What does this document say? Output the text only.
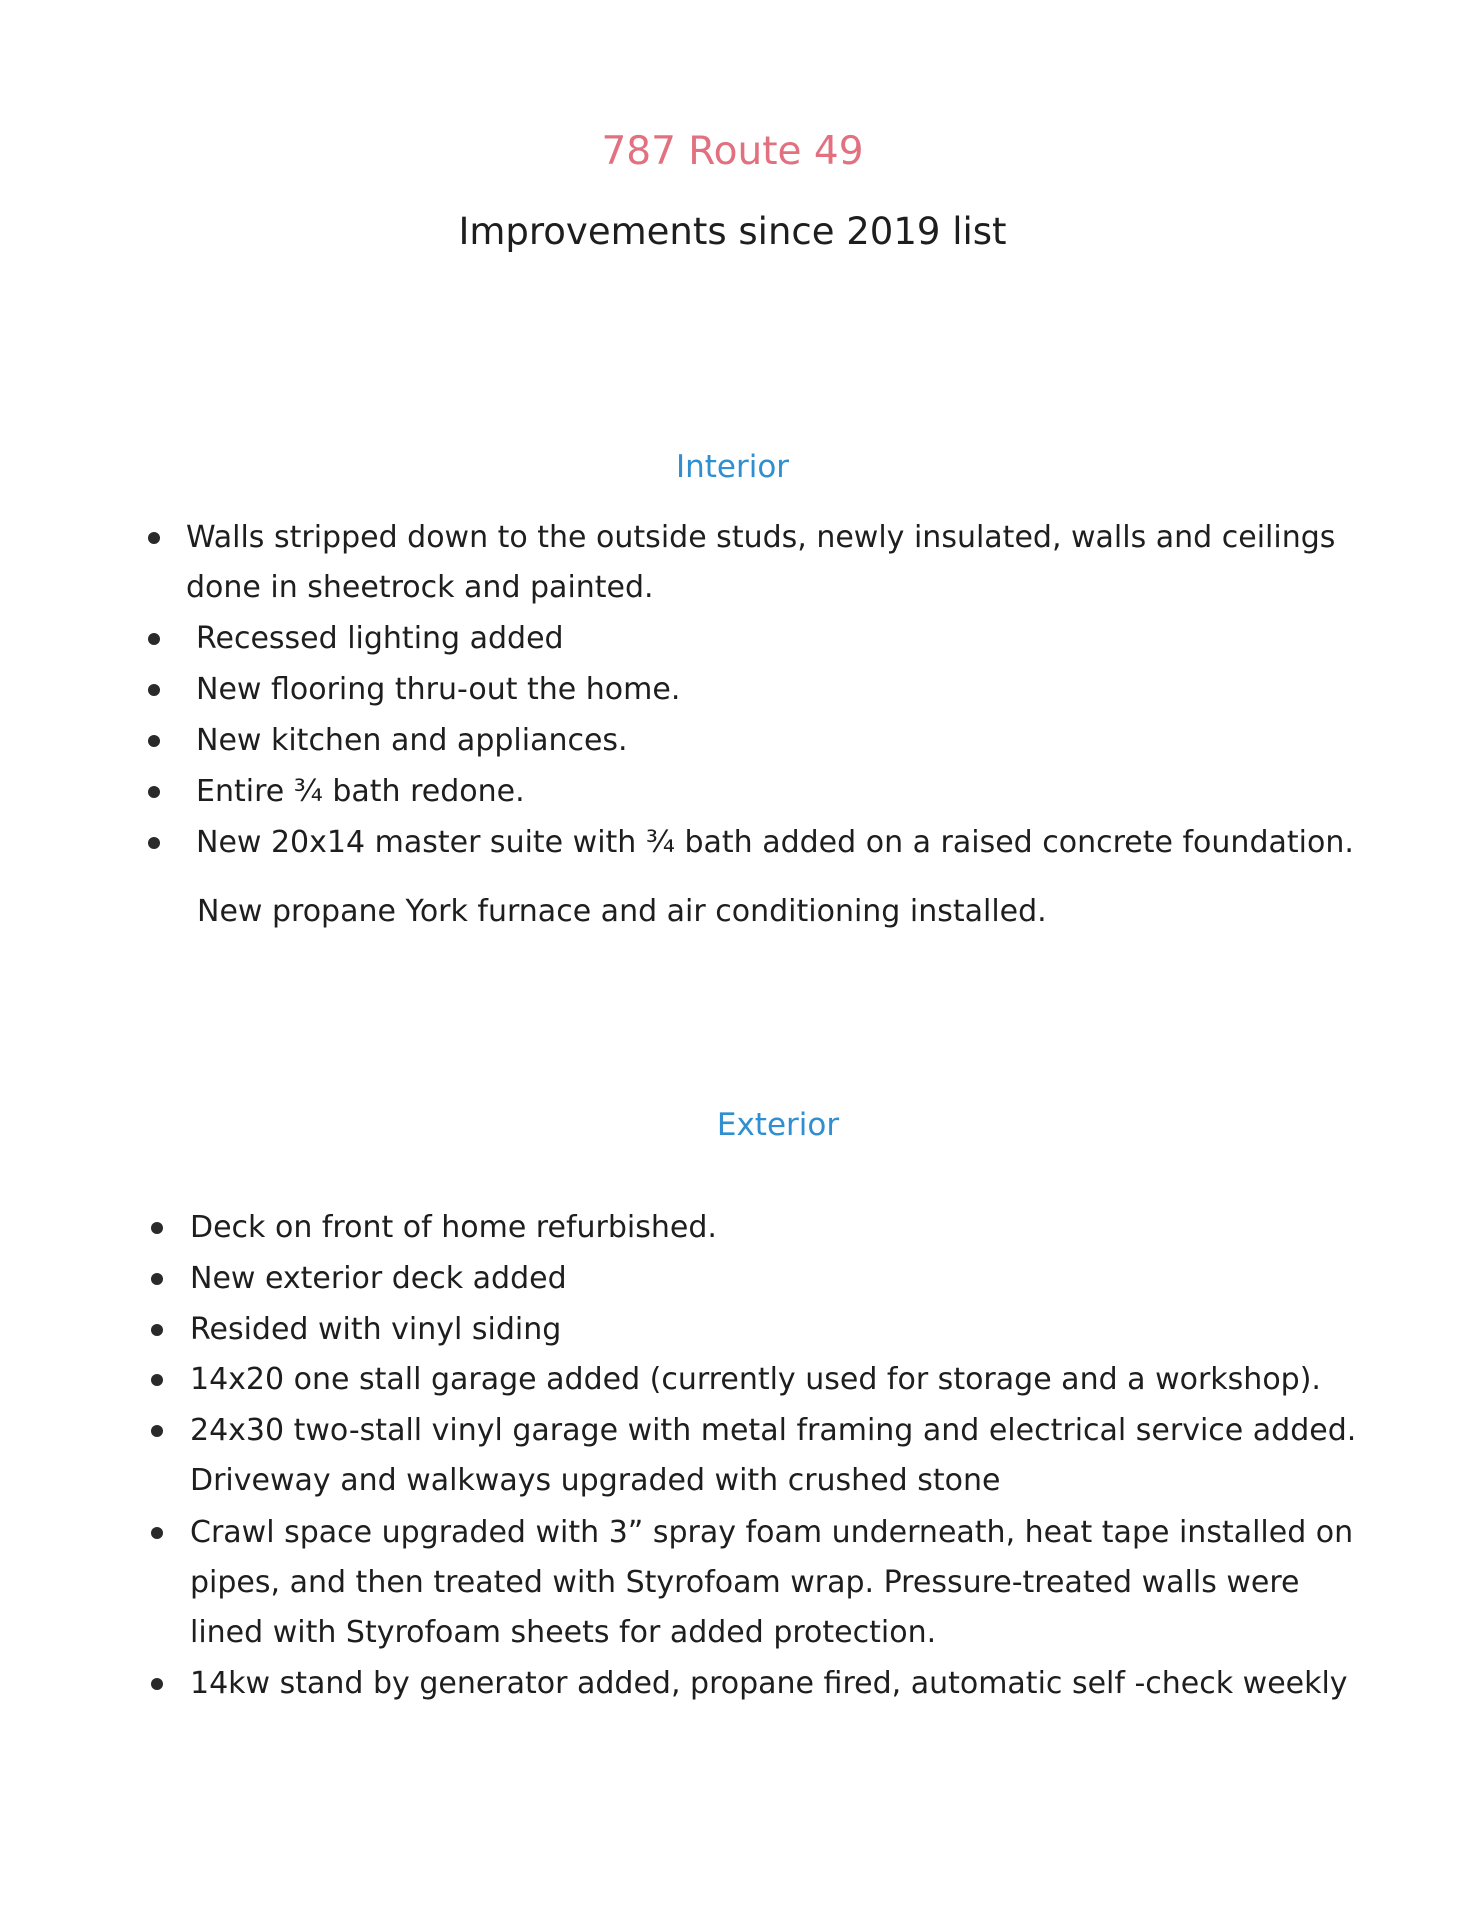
787 Route 49
Improvements since 2019 list
Interior
Walls stripped down to the outside studs, newly insulated, walls and ceilings
done in sheetrock and painted.
Recessed lighting added
New flooring thru-out the home.
New kitchen and appliances.
Entire ¾ bath redone.
New 20x14 master suite with ¾ bath added on a raised concrete foundation.
New propane York furnace and air conditioning installed.
Exterior
Deck on front of home refurbished.
New exterior deck added
Resided with vinyl siding
14x20 one stall garage added (currently used for storage and a workshop).
24x30 two-stall vinyl garage with metal framing and electrical service added.
Driveway and walkways upgraded with crushed stone
Crawl space upgraded with 3” spray foam underneath, heat tape installed on
pipes, and then treated with Styrofoam wrap. Pressure-treated walls were
lined with Styrofoam sheets for added protection.
14kw stand by generator added, propane fired, automatic self -check weekly
